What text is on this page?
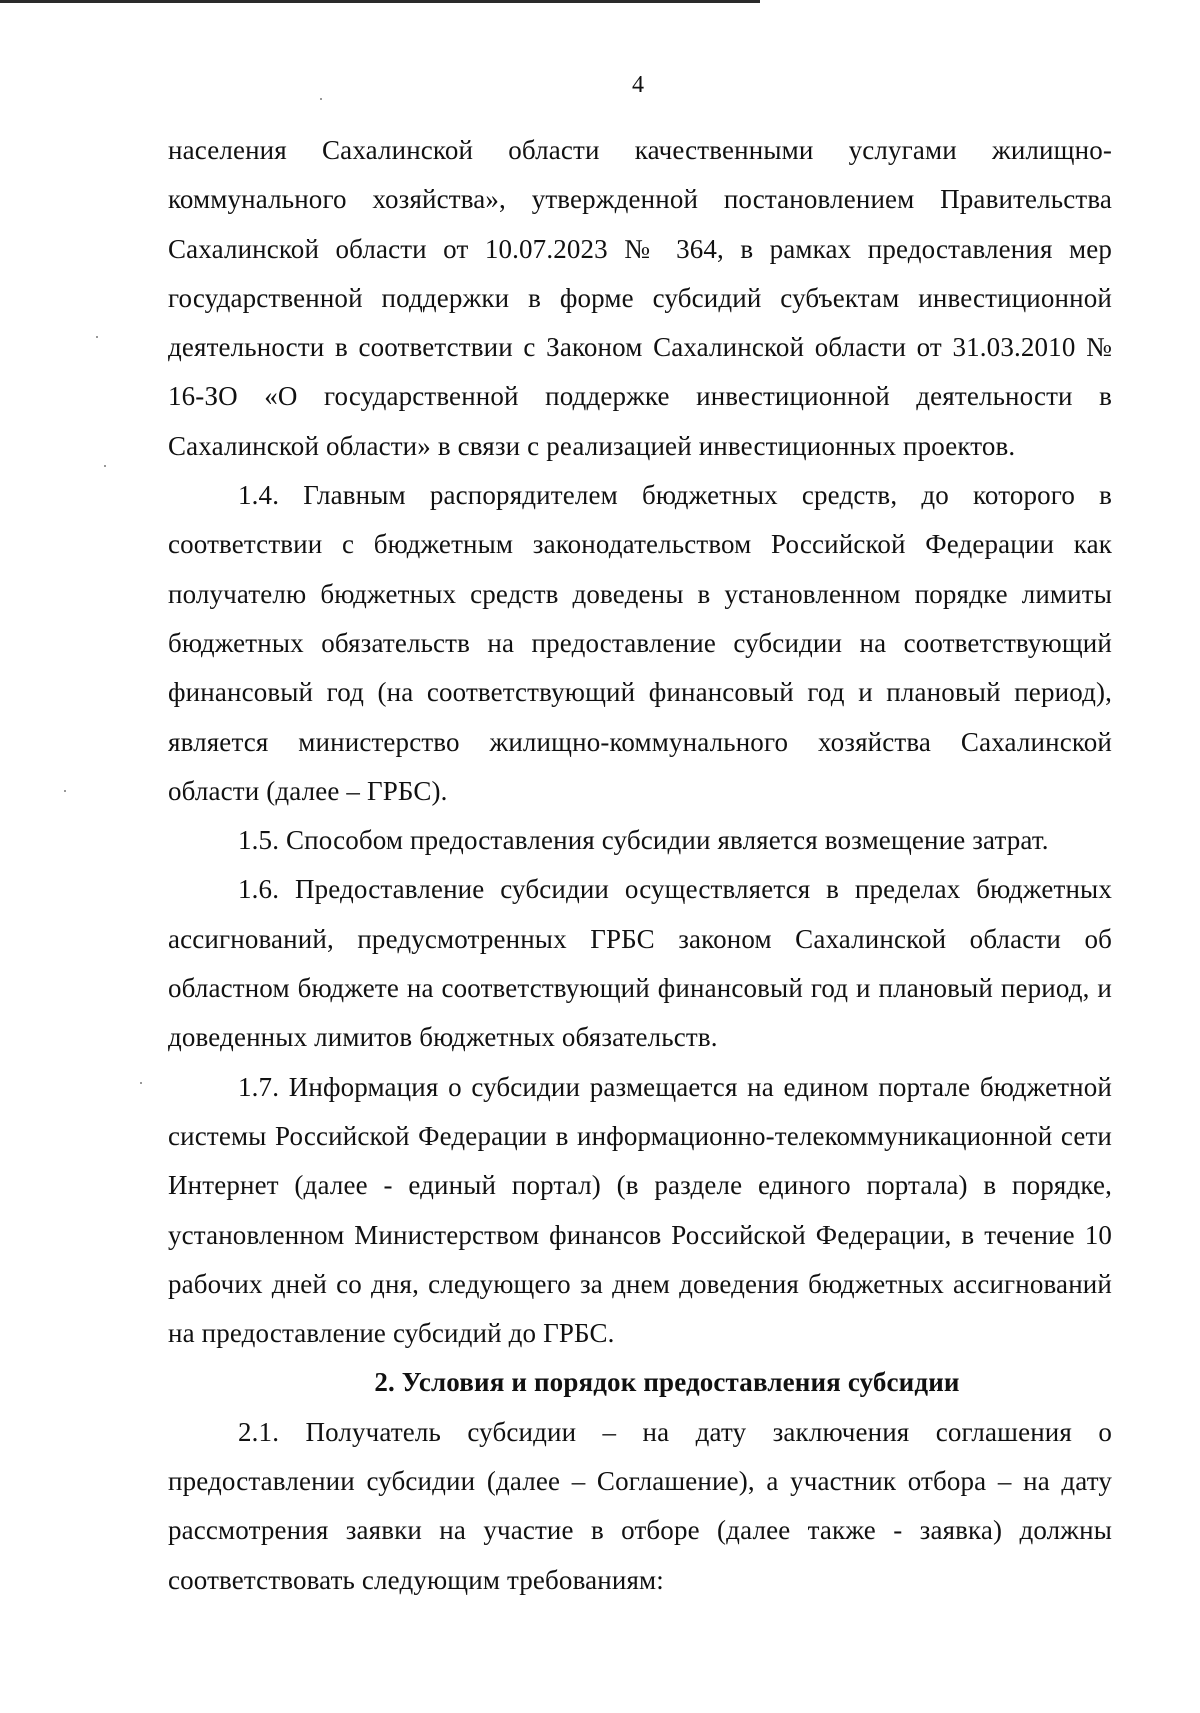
4

населения Сахалинской области качественными услугами жилищно-коммунального хозяйства», утвержденной постановлением Правительства Сахалинской области от 10.07.2023 № 364, в рамках предоставления мер государственной поддержки в форме субсидий субъектам инвестиционной деятельности в соответствии с Законом Сахалинской области от 31.03.2010 № 16-ЗО «О государственной поддержке инвестиционной деятельности в Сахалинской области» в связи с реализацией инвестиционных проектов.

1.4. Главным распорядителем бюджетных средств, до которого в соответствии с бюджетным законодательством Российской Федерации как получателю бюджетных средств доведены в установленном порядке лимиты бюджетных обязательств на предоставление субсидии на соответствующий финансовый год (на соответствующий финансовый год и плановый период), является министерство жилищно-коммунального хозяйства Сахалинской области (далее – ГРБС).

1.5. Способом предоставления субсидии является возмещение затрат.

1.6. Предоставление субсидии осуществляется в пределах бюджетных ассигнований, предусмотренных ГРБС законом Сахалинской области об областном бюджете на соответствующий финансовый год и плановый период, и доведенных лимитов бюджетных обязательств.

1.7. Информация о субсидии размещается на едином портале бюджетной системы Российской Федерации в информационно-телекоммуникационной сети Интернет (далее - единый портал) (в разделе единого портала) в порядке, установленном Министерством финансов Российской Федерации, в течение 10 рабочих дней со дня, следующего за днем доведения бюджетных ассигнований на предоставление субсидий до ГРБС.

2. Условия и порядок предоставления субсидии

2.1. Получатель субсидии – на дату заключения соглашения о предоставлении субсидии (далее – Соглашение), а участник отбора – на дату рассмотрения заявки на участие в отборе (далее также - заявка) должны соответствовать следующим требованиям:
